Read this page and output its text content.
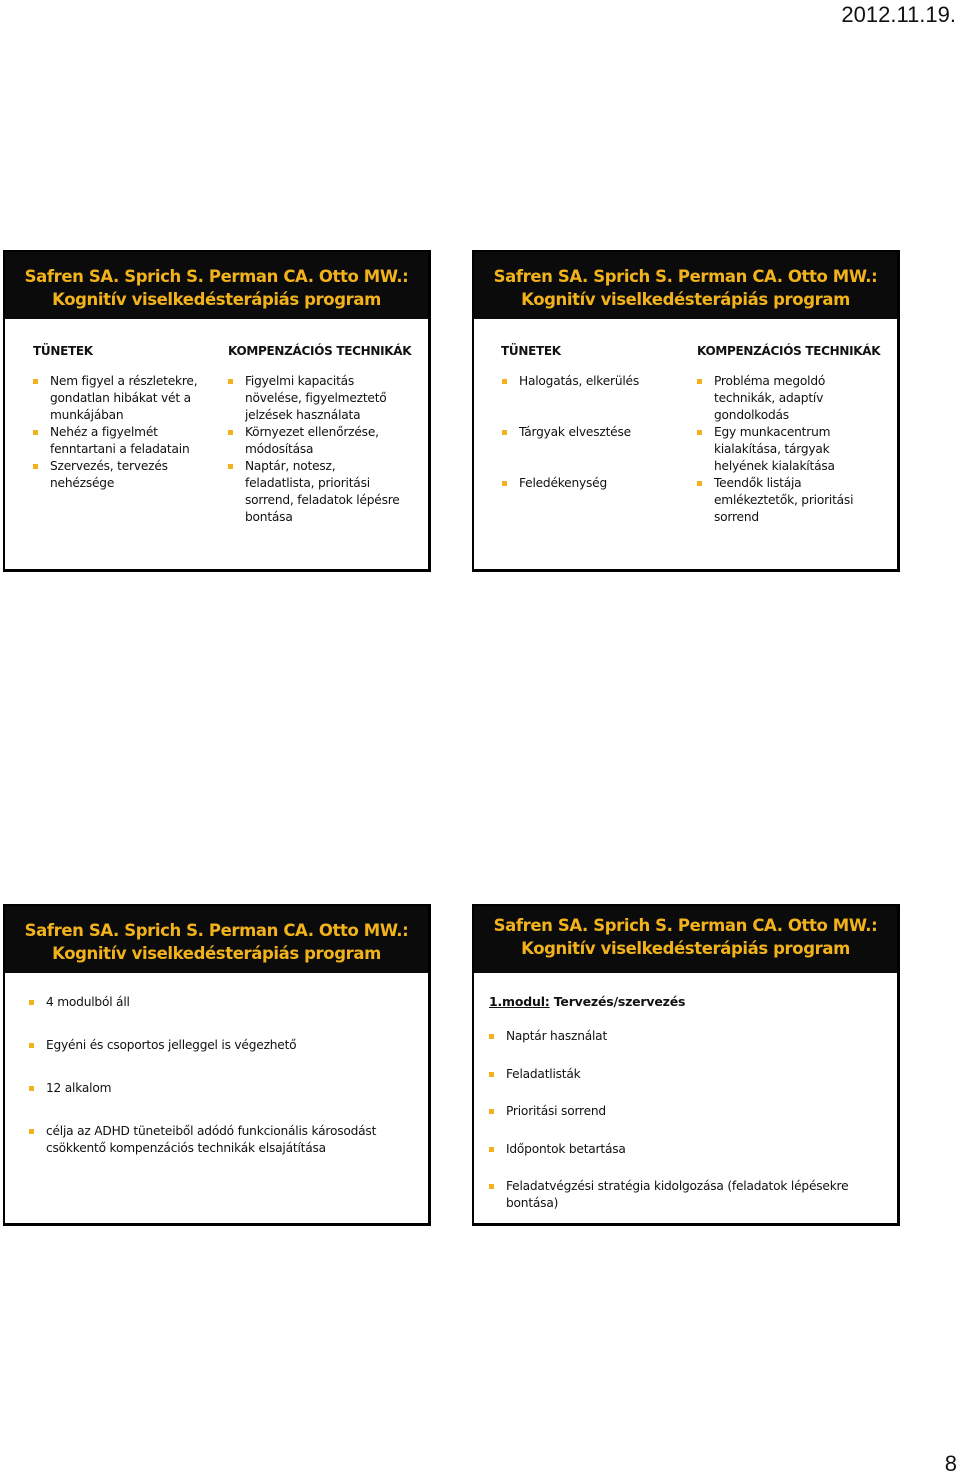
2012.11.19.
Safren SA. Sprich S. Perman CA. Otto MW.:
Kognitív viselkedésterápiás program
TÜNETEK	KOMPENZÁCIÓS TECHNIKÁK
Nem figyel a részletekre, gondatlan hibákat vét a munkájában
Nehéz a figyelmét fenntartani a feladatain
Szervezés, tervezés nehézsége
Figyelmi kapacitás növelése, figyelmeztető jelzések használata
Környezet ellenőrzése, módosítása
Naptár, notesz, feladatlista, prioritási sorrend, feladatok lépésre bontása
Safren SA. Sprich S. Perman CA. Otto MW.:
Kognitív viselkedésterápiás program
TÜNETEK	KOMPENZÁCIÓS TECHNIKÁK
Halogatás, elkerülés
Tárgyak elvesztése
Feledékenység
Probléma megoldó technikák, adaptív gondolkodás
Egy munkacentrum kialakítása, tárgyak helyének kialakítása
Teendők listája emlékeztetők, prioritási sorrend
Safren SA. Sprich S. Perman CA. Otto MW.:
Kognitív viselkedésterápiás program
4 modulból áll
Egyéni és csoportos jelleggel is végezhető
12 alkalom
célja az ADHD tüneteiből adódó funkcionális károsodást csökkentő kompenzációs technikák elsajátítása
Safren SA. Sprich S. Perman CA. Otto MW.:
Kognitív viselkedésterápiás program
1.modul: Tervezés/szervezés
Naptár használat
Feladatlisták
Prioritási sorrend
Időpontok betartása
Feladatvégzési stratégia kidolgozása (feladatok lépésekre bontása)
8
